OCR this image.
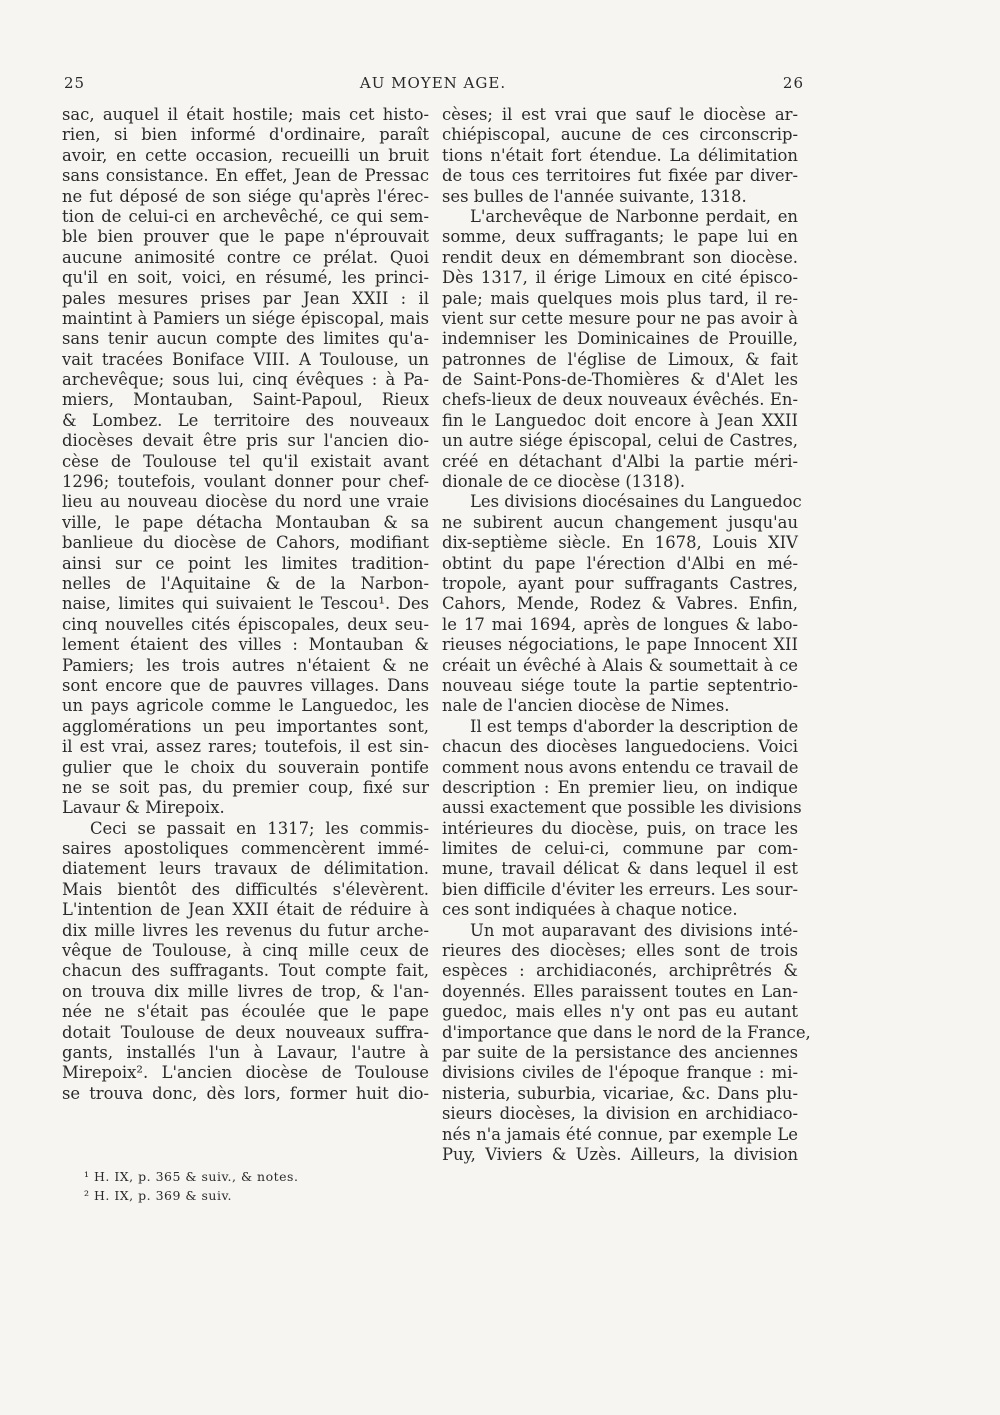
25	AU MOYEN AGE.	26
sac, auquel il était hostile; mais cet histo-
rien, si bien informé d'ordinaire, paraît
avoir, en cette occasion, recueilli un bruit
sans consistance. En effet, Jean de Pressac
ne fut déposé de son siége qu'après l'érec-
tion de celui-ci en archevêché, ce qui sem-
ble bien prouver que le pape n'éprouvait
aucune animosité contre ce prélat. Quoi
qu'il en soit, voici, en résumé, les princi-
pales mesures prises par Jean XXII : il
maintint à Pamiers un siége épiscopal, mais
sans tenir aucun compte des limites qu'a-
vait tracées Boniface VIII. A Toulouse, un
archevêque; sous lui, cinq évêques : à Pa-
miers, Montauban, Saint-Papoul, Rieux
& Lombez. Le territoire des nouveaux
diocèses devait être pris sur l'ancien dio-
cèse de Toulouse tel qu'il existait avant
1296; toutefois, voulant donner pour chef-
lieu au nouveau diocèse du nord une vraie
ville, le pape détacha Montauban & sa
banlieue du diocèse de Cahors, modifiant
ainsi sur ce point les limites tradition-
nelles de l'Aquitaine & de la Narbon-
naise, limites qui suivaient le Tescou¹. Des
cinq nouvelles cités épiscopales, deux seu-
lement étaient des villes : Montauban &
Pamiers; les trois autres n'étaient & ne
sont encore que de pauvres villages. Dans
un pays agricole comme le Languedoc, les
agglomérations un peu importantes sont,
il est vrai, assez rares; toutefois, il est sin-
gulier que le choix du souverain pontife
ne se soit pas, du premier coup, fixé sur
Lavaur & Mirepoix.
Ceci se passait en 1317; les commis-
saires apostoliques commencèrent immé-
diatement leurs travaux de délimitation.
Mais bientôt des difficultés s'élevèrent.
L'intention de Jean XXII était de réduire à
dix mille livres les revenus du futur arche-
vêque de Toulouse, à cinq mille ceux de
chacun des suffragants. Tout compte fait,
on trouva dix mille livres de trop, & l'an-
née ne s'était pas écoulée que le pape
dotait Toulouse de deux nouveaux suffra-
gants, installés l'un à Lavaur, l'autre à
Mirepoix². L'ancien diocèse de Toulouse
se trouva donc, dès lors, former huit dio-
cèses; il est vrai que sauf le diocèse ar-
chiépiscopal, aucune de ces circonscrip-
tions n'était fort étendue. La délimitation
de tous ces territoires fut fixée par diver-
ses bulles de l'année suivante, 1318.
L'archevêque de Narbonne perdait, en
somme, deux suffragants; le pape lui en
rendit deux en démembrant son diocèse.
Dès 1317, il érige Limoux en cité épisco-
pale; mais quelques mois plus tard, il re-
vient sur cette mesure pour ne pas avoir à
indemniser les Dominicaines de Prouille,
patronnes de l'église de Limoux, & fait
de Saint-Pons-de-Thomières & d'Alet les
chefs-lieux de deux nouveaux évêchés. En-
fin le Languedoc doit encore à Jean XXII
un autre siége épiscopal, celui de Castres,
créé en détachant d'Albi la partie méri-
dionale de ce diocèse (1318).
Les divisions diocésaines du Languedoc
ne subirent aucun changement jusqu'au
dix-septième siècle. En 1678, Louis XIV
obtint du pape l'érection d'Albi en mé-
tropole, ayant pour suffragants Castres,
Cahors, Mende, Rodez & Vabres. Enfin,
le 17 mai 1694, après de longues & labo-
rieuses négociations, le pape Innocent XII
créait un évêché à Alais & soumettait à ce
nouveau siége toute la partie septentrio-
nale de l'ancien diocèse de Nimes.
Il est temps d'aborder la description de
chacun des diocèses languedociens. Voici
comment nous avons entendu ce travail de
description : En premier lieu, on indique
aussi exactement que possible les divisions
intérieures du diocèse, puis, on trace les
limites de celui-ci, commune par com-
mune, travail délicat & dans lequel il est
bien difficile d'éviter les erreurs. Les sour-
ces sont indiquées à chaque notice.
Un mot auparavant des divisions inté-
rieures des diocèses; elles sont de trois
espèces : archidiaconés, archiprêtrés &
doyennés. Elles paraissent toutes en Lan-
guedoc, mais elles n'y ont pas eu autant
d'importance que dans le nord de la France,
par suite de la persistance des anciennes
divisions civiles de l'époque franque : mi-
nisteria, suburbia, vicariae, &c. Dans plu-
sieurs diocèses, la division en archidiaco-
nés n'a jamais été connue, par exemple Le
Puy, Viviers & Uzès. Ailleurs, la division
¹ H. IX, p. 365 & suiv., & notes.
² H. IX, p. 369 & suiv.
